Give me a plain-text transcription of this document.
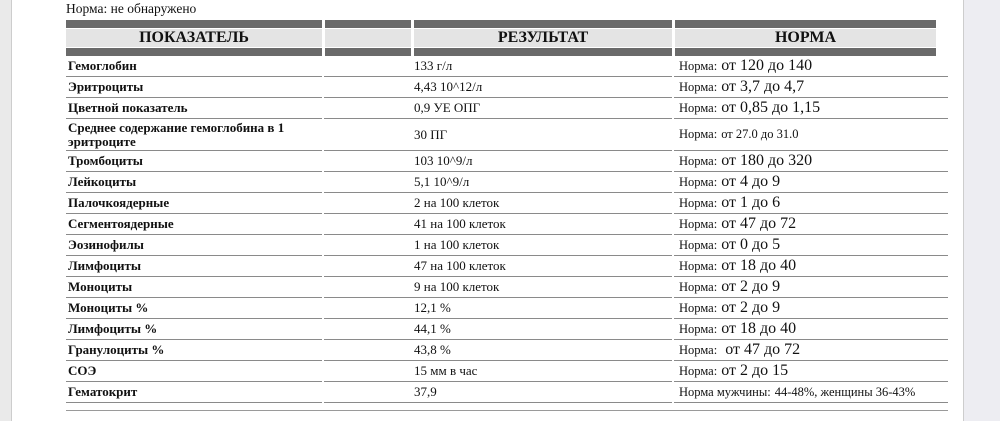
Норма: не обнаружено
ПОКАЗАТЕЛЬ	РЕЗУЛЬТАТ	НОРМА
Гемоглобин	133 г/л	Норма: от 120 до 140
Эритроциты	4,43 10^12/л	Норма: от 3,7 до 4,7
Цветной показатель	0,9 УЕ ОПГ	Норма: от 0,85 до 1,15
Среднее содержание гемоглобина в 1 эритроците	30 ПГ	Норма: от 27.0 до 31.0
Тромбоциты	103 10^9/л	Норма: от 180 до 320
Лейкоциты	5,1 10^9/л	Норма: от 4 до 9
Палочкоядерные	2 на 100 клеток	Норма: от 1 до 6
Сегментоядерные	41 на 100 клеток	Норма: от 47 до 72
Эозинофилы	1 на 100 клеток	Норма: от 0 до 5
Лимфоциты	47 на 100 клеток	Норма: от 18 до 40
Моноциты	9 на 100 клеток	Норма: от 2 до 9
Моноциты %	12,1 %	Норма: от 2 до 9
Лимфоциты %	44,1 %	Норма: от 18 до 40
Гранулоциты %	43,8 %	Норма: от 47 до 72
СОЭ	15 мм в час	Норма: от 2 до 15
Гематокрит	37,9	Норма мужчины: 44-48%, женщины 36-43%
